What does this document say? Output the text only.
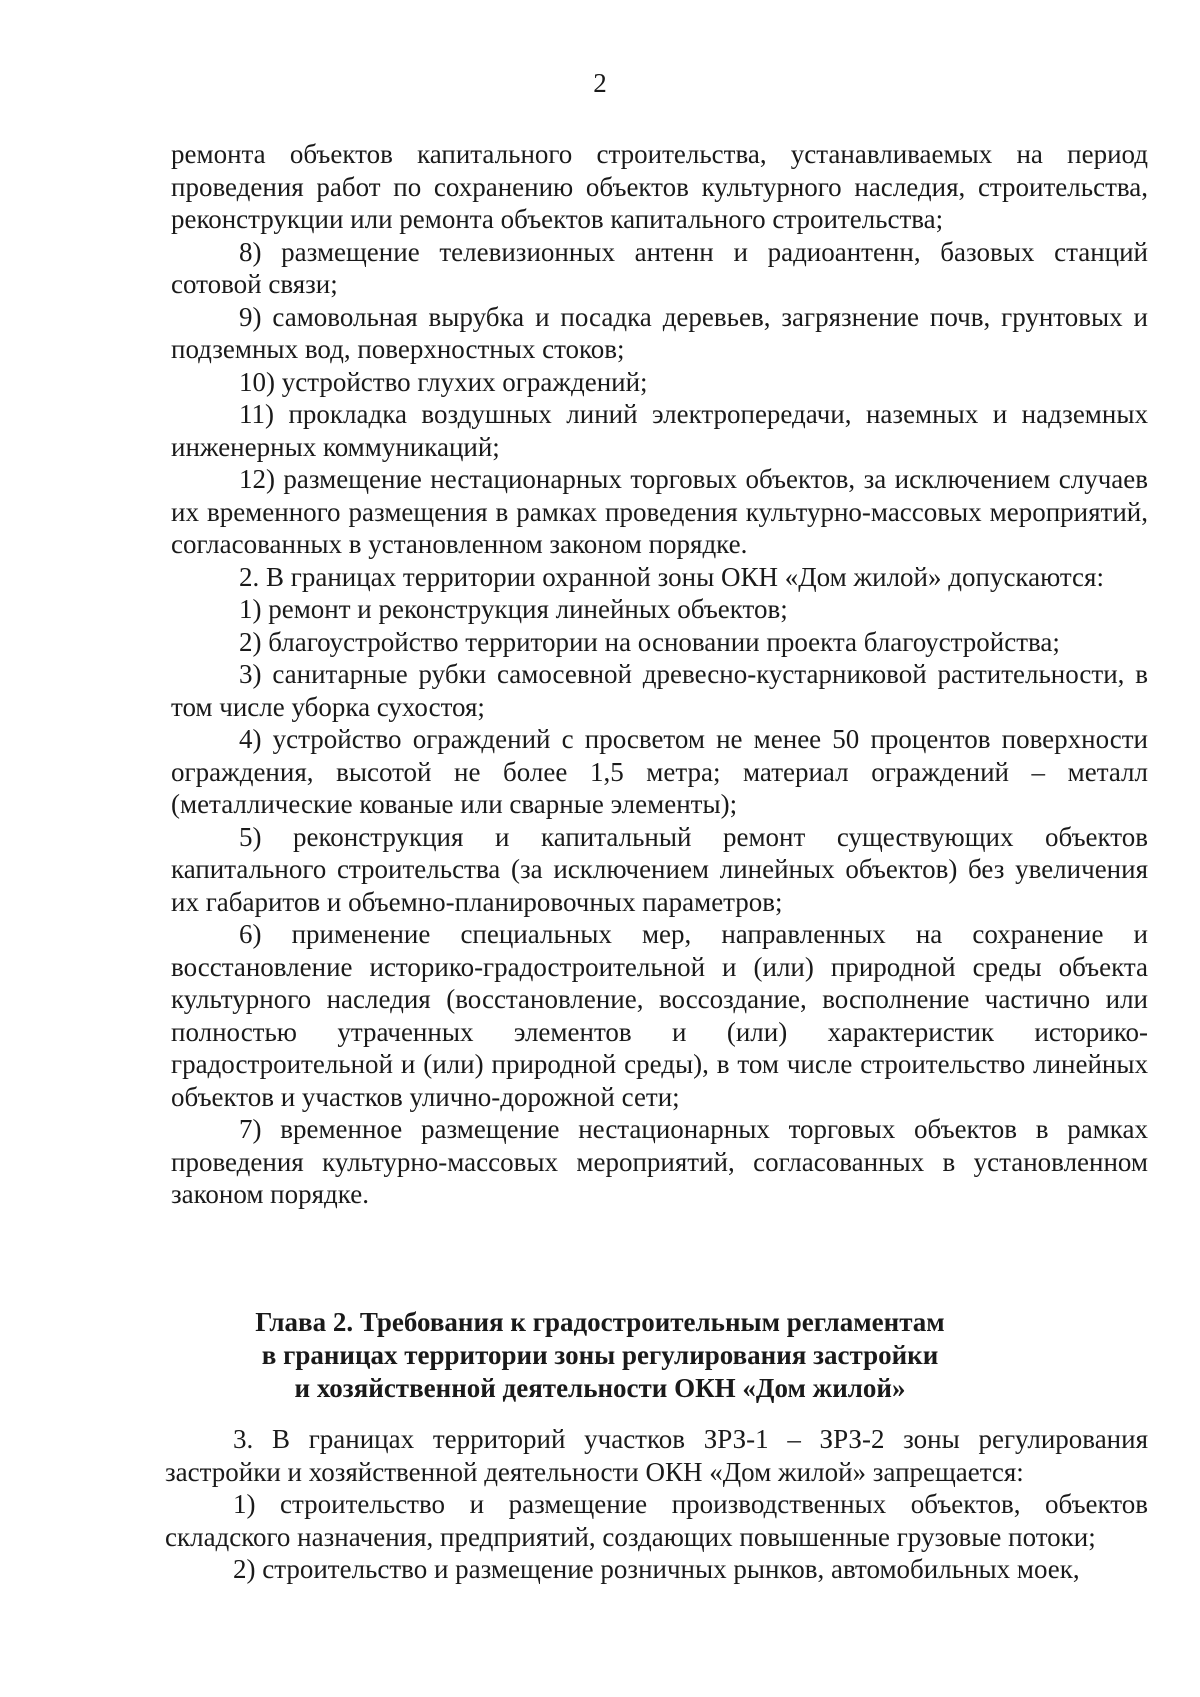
2

ремонта объектов капитального строительства, устанавливаемых на период проведения работ по сохранению объектов культурного наследия, строительства, реконструкции или ремонта объектов капитального строительства;

8) размещение телевизионных антенн и радиоантенн, базовых станций сотовой связи;

9) самовольная вырубка и посадка деревьев, загрязнение почв, грунтовых и подземных вод, поверхностных стоков;

10) устройство глухих ограждений;

11) прокладка воздушных линий электропередачи, наземных и надземных инженерных коммуникаций;

12) размещение нестационарных торговых объектов, за исключением случаев их временного размещения в рамках проведения культурно-массовых мероприятий, согласованных в установленном законом порядке.

2. В границах территории охранной зоны ОКН «Дом жилой» допускаются:

1) ремонт и реконструкция линейных объектов;

2) благоустройство территории на основании проекта благоустройства;

3) санитарные рубки самосевной древесно-кустарниковой растительности, в том числе уборка сухостоя;

4) устройство ограждений с просветом не менее 50 процентов поверхности ограждения, высотой не более 1,5 метра; материал ограждений – металл (металлические кованые или сварные элементы);

5) реконструкция и капитальный ремонт существующих объектов капитального строительства (за исключением линейных объектов) без увеличения их габаритов и объемно-планировочных параметров;

6) применение специальных мер, направленных на сохранение и восстановление историко-градостроительной и (или) природной среды объекта культурного наследия (восстановление, воссоздание, восполнение частично или полностью утраченных элементов и (или) характеристик историко-градостроительной и (или) природной среды), в том числе строительство линейных объектов и участков улично-дорожной сети;

7) временное размещение нестационарных торговых объектов в рамках проведения культурно-массовых мероприятий, согласованных в установленном законом порядке.

Глава 2. Требования к градостроительным регламентам
в границах территории зоны регулирования застройки
и хозяйственной деятельности ОКН «Дом жилой»

3. В границах территорий участков ЗРЗ-1 – ЗРЗ-2 зоны регулирования застройки и хозяйственной деятельности ОКН «Дом жилой» запрещается:

1) строительство и размещение производственных объектов, объектов складского назначения, предприятий, создающих повышенные грузовые потоки;

2) строительство и размещение розничных рынков, автомобильных моек,
